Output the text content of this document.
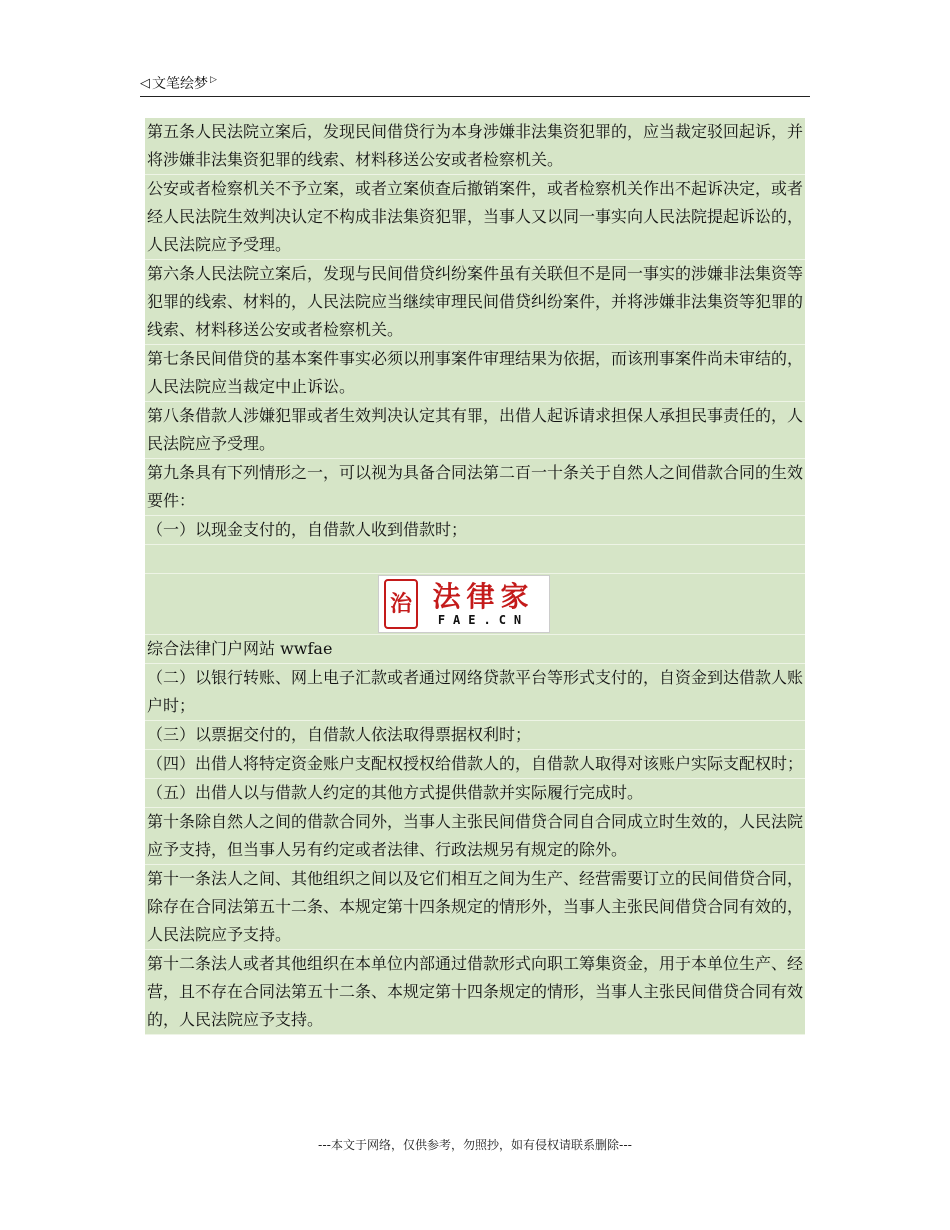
◁ 文笔绘梦 ▷
第五条人民法院立案后，发现民间借贷行为本身涉嫌非法集资犯罪的，应当裁定驳回起诉，并将涉嫌非法集资犯罪的线索、材料移送公安或者检察机关。
公安或者检察机关不予立案，或者立案侦查后撤销案件，或者检察机关作出不起诉决定，或者经人民法院生效判决认定不构成非法集资犯罪，当事人又以同一事实向人民法院提起诉讼的，人民法院应予受理。
第六条人民法院立案后，发现与民间借贷纠纷案件虽有关联但不是同一事实的涉嫌非法集资等犯罪的线索、材料的，人民法院应当继续审理民间借贷纠纷案件，并将涉嫌非法集资等犯罪的线索、材料移送公安或者检察机关。
第七条民间借贷的基本案件事实必须以刑事案件审理结果为依据，而该刑事案件尚未审结的，人民法院应当裁定中止诉讼。
第八条借款人涉嫌犯罪或者生效判决认定其有罪，出借人起诉请求担保人承担民事责任的，人民法院应予受理。
第九条具有下列情形之一，可以视为具备合同法第二百一十条关于自然人之间借款合同的生效要件：
（一）以现金支付的，自借款人收到借款时；
治 法律家
FAE.CN
综合法律门户网站 wwfae
（二）以银行转账、网上电子汇款或者通过网络贷款平台等形式支付的，自资金到达借款人账户时；
（三）以票据交付的，自借款人依法取得票据权利时；
（四）出借人将特定资金账户支配权授权给借款人的，自借款人取得对该账户实际支配权时；
（五）出借人以与借款人约定的其他方式提供借款并实际履行完成时。
第十条除自然人之间的借款合同外，当事人主张民间借贷合同自合同成立时生效的，人民法院应予支持，但当事人另有约定或者法律、行政法规另有规定的除外。
第十一条法人之间、其他组织之间以及它们相互之间为生产、经营需要订立的民间借贷合同，除存在合同法第五十二条、本规定第十四条规定的情形外，当事人主张民间借贷合同有效的，人民法院应予支持。
第十二条法人或者其他组织在本单位内部通过借款形式向职工筹集资金，用于本单位生产、经营，且不存在合同法第五十二条、本规定第十四条规定的情形，当事人主张民间借贷合同有效的，人民法院应予支持。
---本文于网络，仅供参考，勿照抄，如有侵权请联系删除---
